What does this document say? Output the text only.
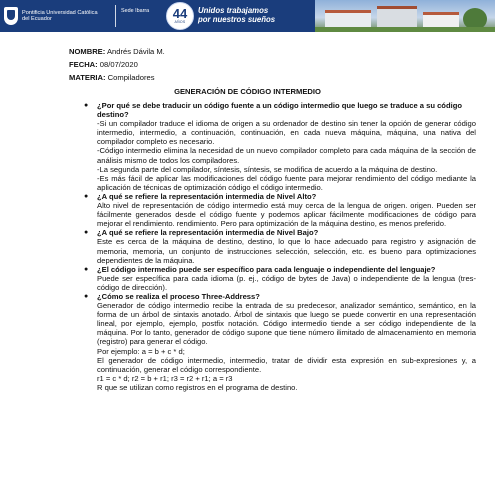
Pontificia Universidad Católica del Ecuador
Sede Ibarra	44
AÑOS
Unidos trabajamos
por nuestros sueños
NOMBRE: Andrés Dávila M.
FECHA: 08/07/2020
MATERIA: Compiladores
GENERACIÓN DE CÓDIGO INTERMEDIO
● ¿Por qué se debe traducir un código fuente a un código intermedio que luego se traduce a su código destino?
-Si un compilador traduce el idioma de origen a su ordenador de destino sin tener la opción de generar código intermedio, intermedio, a continuación, continuación, en cada nueva máquina, máquina, una nativa del compilador completo es necesario.
-Código intermedio elimina la necesidad de un nuevo compilador completo para cada máquina de la sección de análisis mismo de todos los compiladores.
-La segunda parte del compilador, síntesis, síntesis, se modifica de acuerdo a la máquina de destino.
-Es más fácil de aplicar las modificaciones del código fuente para mejorar rendimiento del código mediante la aplicación de técnicas de optimización código el código intermedio.
● ¿A qué se refiere la representación intermedia de Nivel Alto?
Alto nivel de representación de código intermedio está muy cerca de la lengua de origen. origen. Pueden ser fácilmente generados desde el código fuente y podemos aplicar fácilmente modificaciones de código para mejorar el rendimiento. rendimiento. Pero para optimización de la máquina destino, es menos preferido.
● ¿A qué se refiere la representación intermedia de Nivel Bajo?
Este es cerca de la máquina de destino, destino, lo que lo hace adecuado para registro y asignación de memoria, memoria, un conjunto de instrucciones selección, selección, etc. es bueno para optimizaciones dependientes de la máquina.
● ¿El código intermedio puede ser específico para cada lenguaje o independiente del lenguaje?
Puede ser específica para cada idioma (p. ej., código de bytes de Java) o independiente de la lengua (tres-código de dirección).
● ¿Cómo se realiza el proceso Three-Address?
Generador de código intermedio recibe la entrada de su predecesor, analizador semántico, semántico, en la forma de un árbol de sintaxis anotado. Árbol de sintaxis que luego se puede convertir en una representación lineal, por ejemplo, ejemplo, postfix notación. Código intermedio tiende a ser código independiente de la máquina. Por lo tanto, generador de código supone que tiene número ilimitado de almacenamiento en memoria (registro) para generar el código.
Por ejemplo: a = b + c * d;
El generador de código intermedio, intermedio, tratar de dividir esta expresión en sub-expresiones y, a continuación, generar el código correspondiente.
r1 = c * d; r2 = b + r1; r3 = r2 + r1; a = r3
R que se utilizan como registros en el programa de destino.
